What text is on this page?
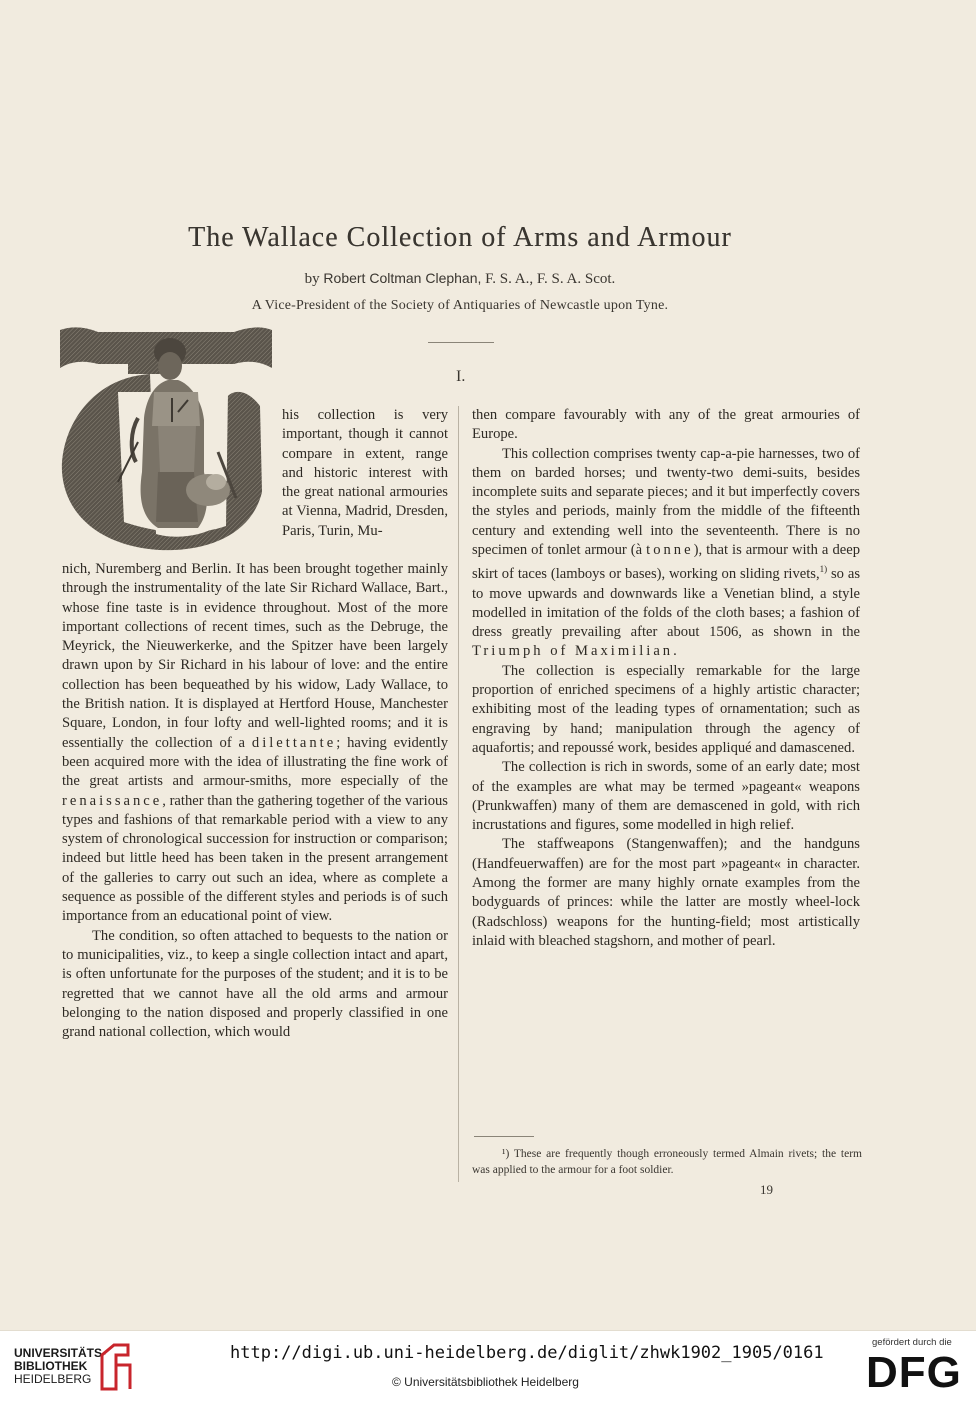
The Wallace Collection of Arms and Armour
by Robert Coltman Clephan, F. S. A., F. S. A. Scot.
A Vice-President of the Society of Antiquaries of Newcastle upon Tyne.
I.

his collection is very important, though it cannot compare in extent, range and historic interest with the great national armouries at Vienna, Madrid, Dresden, Paris, Turin, Mu-

nich, Nuremberg and Berlin. It has been brought together mainly through the instrumentality of the late Sir Richard Wallace, Bart., whose fine taste is in evidence throughout. Most of the more important collections of recent times, such as the Debruge, the Meyrick, the Nieuwerkerke, and the Spitzer have been largely drawn upon by Sir Richard in his labour of love: and the entire collection has been bequeathed by his widow, Lady Wallace, to the British nation. It is displayed at Hertford House, Manchester Square, London, in four lofty and well-lighted rooms; and it is essentially the collection of a dilettante; having evidently been acquired more with the idea of illustrating the fine work of the great artists and armour-smiths, more especially of the renaissance, rather than the gathering together of the various types and fashions of that remarkable period with a view to any system of chronological succession for instruction or comparison; indeed but little heed has been taken in the present arrangement of the galleries to carry out such an idea, where as complete a sequence as possible of the different styles and periods is of such importance from an educational point of view.

The condition, so often attached to bequests to the nation or to municipalities, viz., to keep a single collection intact and apart, is often unfortunate for the purposes of the student; and it is to be regretted that we cannot have all the old arms and armour belonging to the nation disposed and properly classified in one grand national collection, which would

then compare favourably with any of the great armouries of Europe.

This collection comprises twenty cap-a-pie harnesses, two of them on barded horses; und twenty-two demi-suits, besides incomplete suits and separate pieces; and it but imperfectly covers the styles and periods, mainly from the middle of the fifteenth century and extending well into the seventeenth. There is no specimen of tonlet armour (à tonne), that is armour with a deep skirt of taces (lamboys or bases), working on sliding rivets,$^{1)}$ so as to move upwards and downwards like a Venetian blind, a style modelled in imitation of the folds of the cloth bases; a fashion of dress greatly prevailing after about 1506, as shown in the Triumph of Maximilian.

The collection is especially remarkable for the large proportion of enriched specimens of a highly artistic character; exhibiting most of the leading types of ornamentation; such as engraving by hand; manipulation through the agency of aquafortis; and repoussé work, besides appliqué and damascened.

The collection is rich in swords, some of an early date; most of the examples are what may be termed »pageant« weapons (Prunkwaffen) many of them are demascened in gold, with rich incrustations and figures, some modelled in high relief.

The staffweapons (Stangenwaffen); and the handguns (Handfeuerwaffen) are for the most part »pageant« in character. Among the former are many highly ornate examples from the bodyguards of princes: while the latter are mostly wheel-lock (Radschloss) weapons for the hunting-field; most artistically inlaid with bleached stagshorn, and mother of pearl.

¹) These are frequently though erroneously termed Almain rivets; the term was applied to the armour for a foot soldier.
19
UNIVERSITÄTS-
BIBLIOTHEK
HEIDELBERG
http://digi.ub.uni-heidelberg.de/diglit/zhwk1902_1905/0161
© Universitätsbibliothek Heidelberg
gefördert durch die
DFG
